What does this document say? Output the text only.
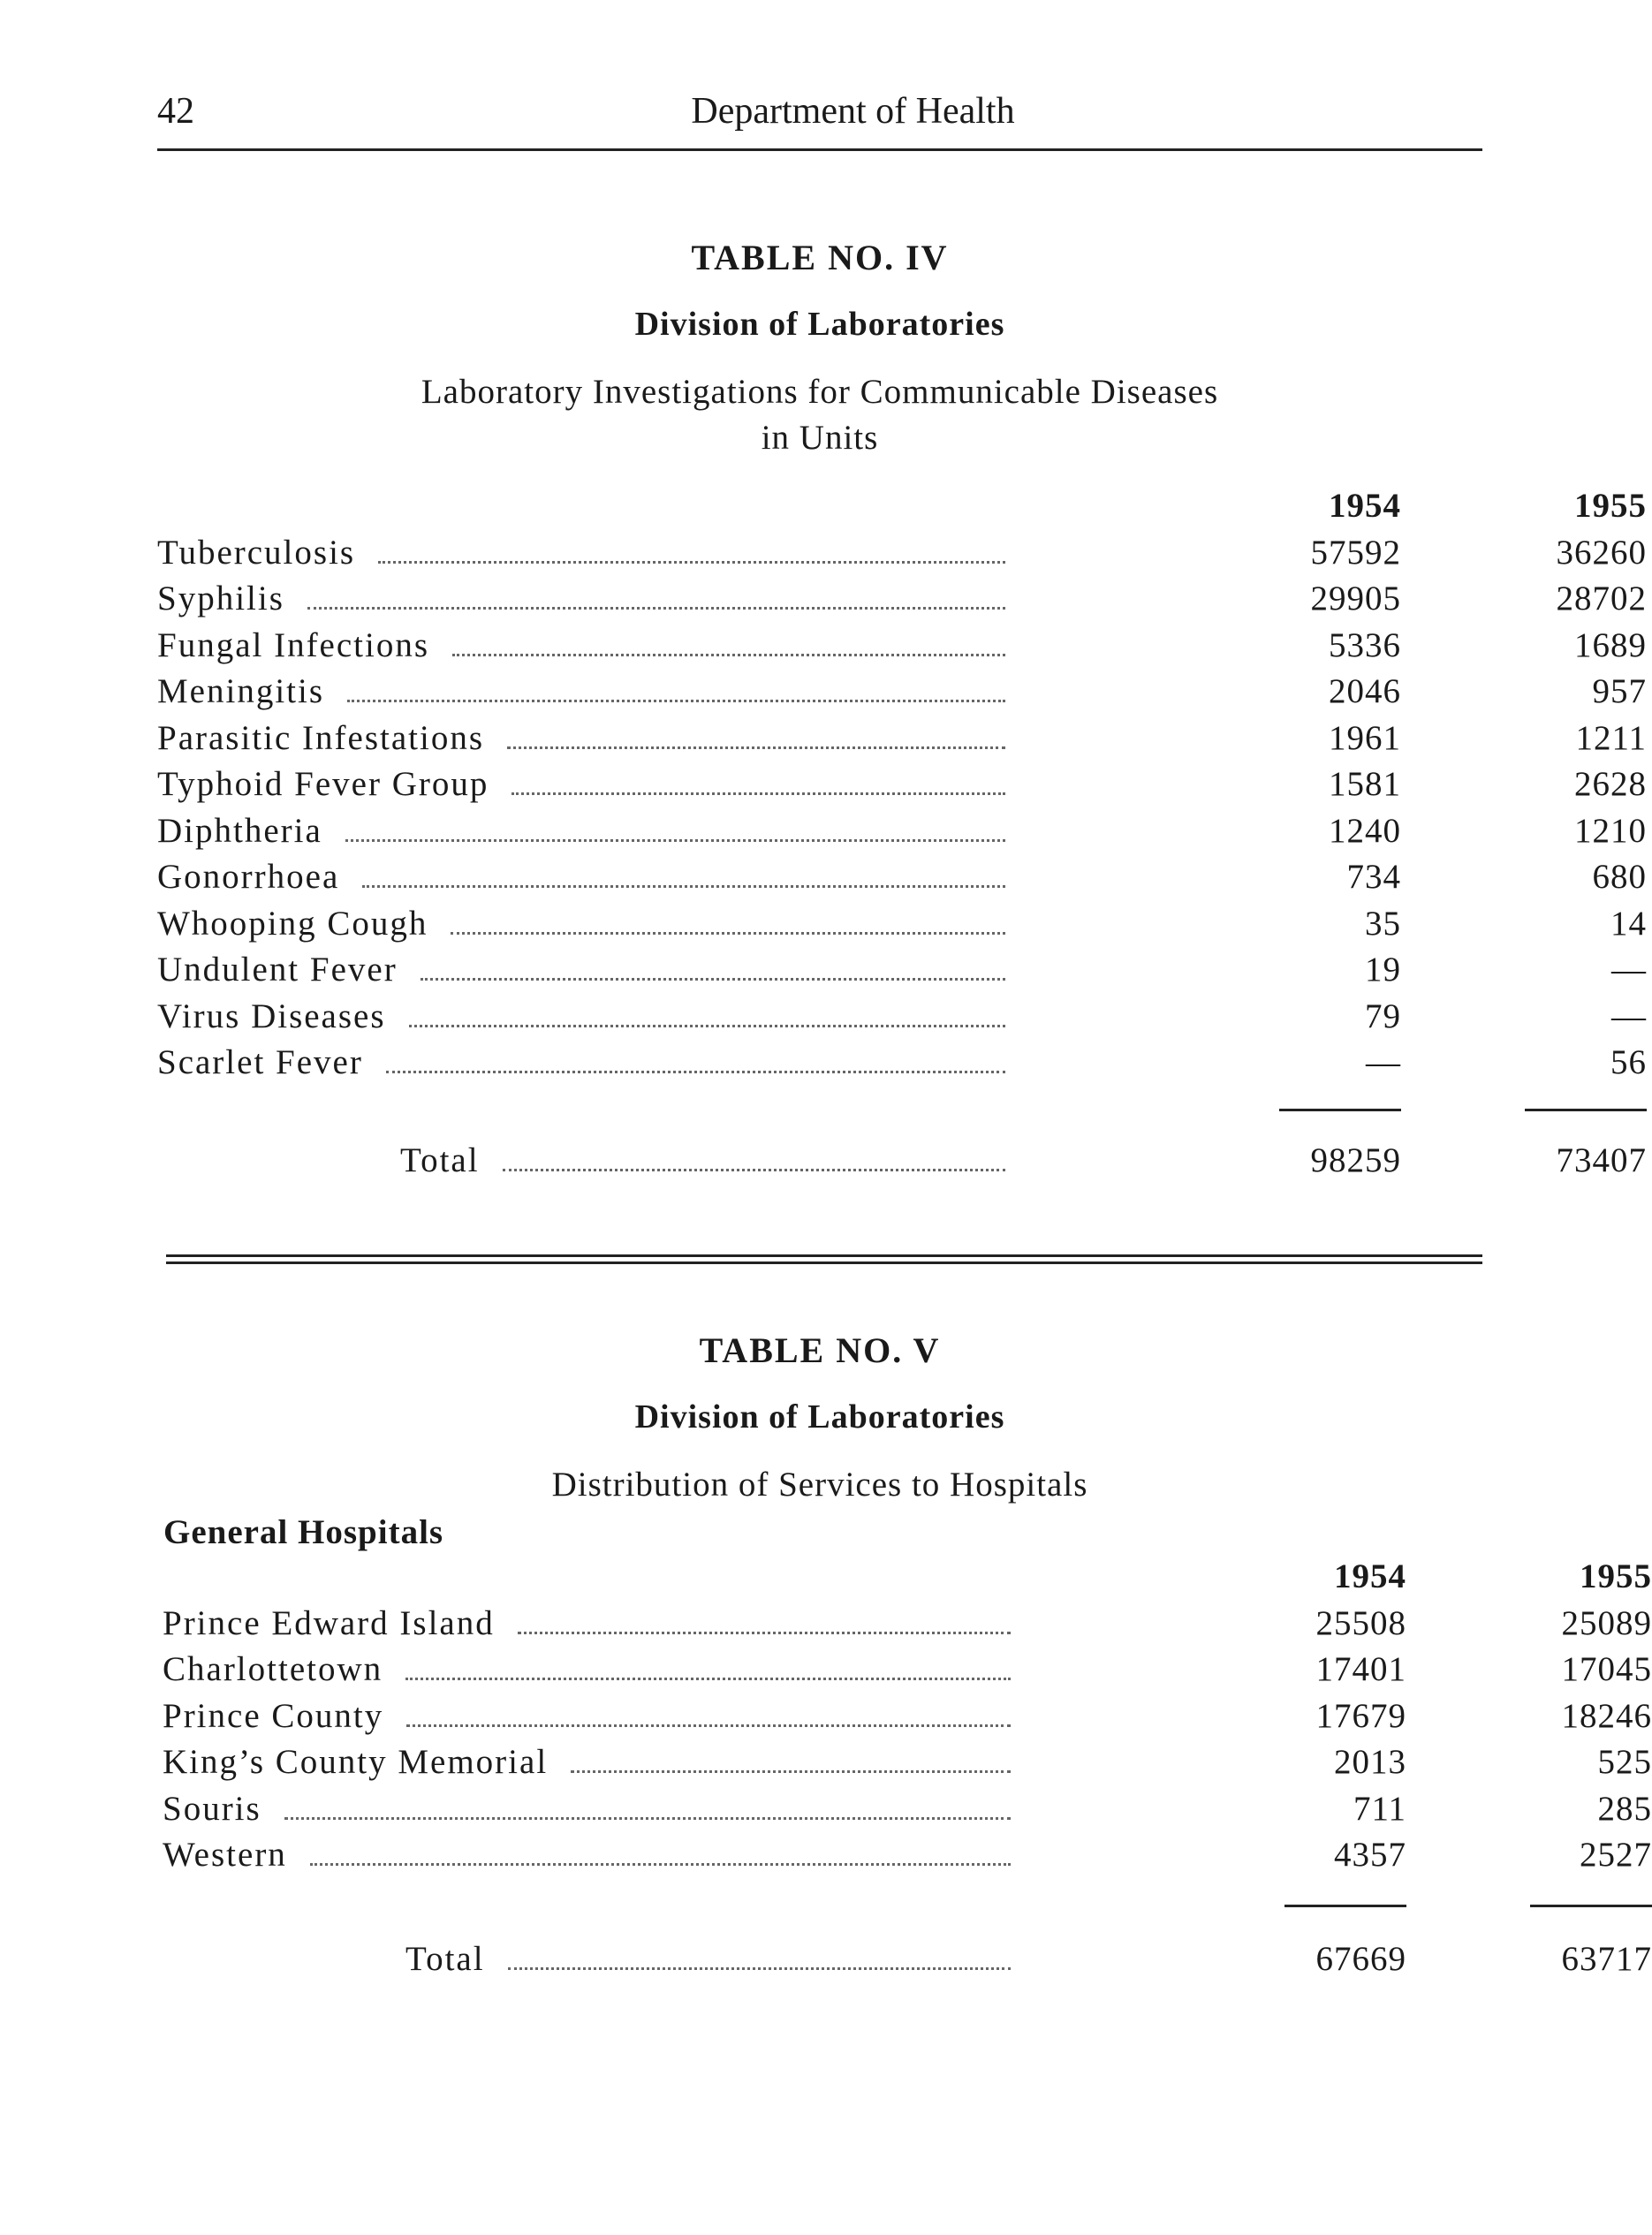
42	Department of Health
TABLE NO. IV
Division of Laboratories
Laboratory Investigations for Communicable Diseases
in Units
1954	1955
Tuberculosis	57592	36260
Syphilis	29905	28702
Fungal Infections	5336	1689
Meningitis	2046	957
Parasitic Infestations	1961	1211
Typhoid Fever Group	1581	2628
Diphtheria	1240	1210
Gonorrhoea	734	680
Whooping Cough	35	14
Undulent Fever	19	—
Virus Diseases	79	—
Scarlet Fever	—	56
Total	98259	73407
TABLE NO. V
Division of Laboratories
Distribution of Services to Hospitals
General Hospitals
1954	1955
Prince Edward Island	25508	25089
Charlottetown	17401	17045
Prince County	17679	18246
King’s County Memorial	2013	525
Souris	711	285
Western	4357	2527
Total	67669	63717
